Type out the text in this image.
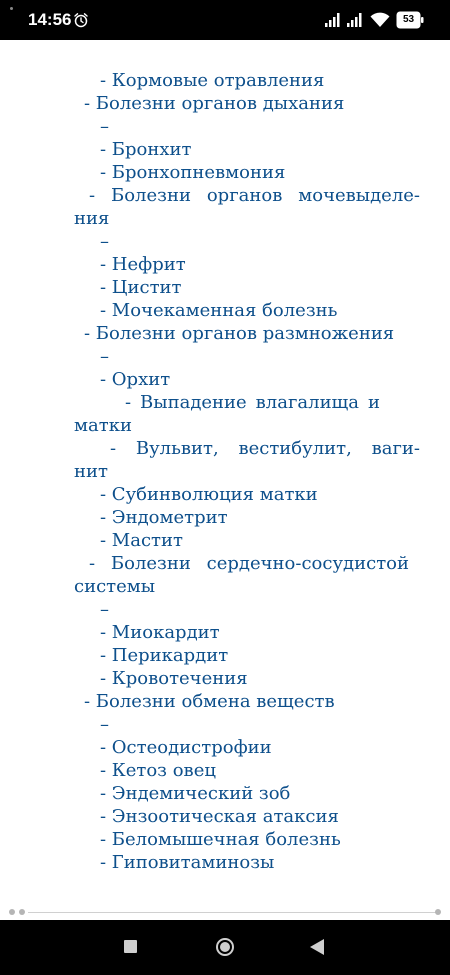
14:56	53
- Кормовые отравления
- Болезни органов дыхания
–
- Бронхит
- Бронхопневмония
- Болезни органов мочевыделе-
ния
–
- Нефрит
- Цистит
- Мочекаменная болезнь
- Болезни органов размножения
–
- Орхит
- Выпадение влагалища и
матки
- Вульвит, вестибулит, ваги-
нит
- Субинволюция матки
- Эндометрит
- Мастит
- Болезни сердечно-сосудистой
системы
–
- Миокардит
- Перикардит
- Кровотечения
- Болезни обмена веществ
–
- Остеодистрофии
- Кетоз овец
- Эндемический зоб
- Энзоотическая атаксия
- Беломышечная болезнь
- Гиповитаминозы
